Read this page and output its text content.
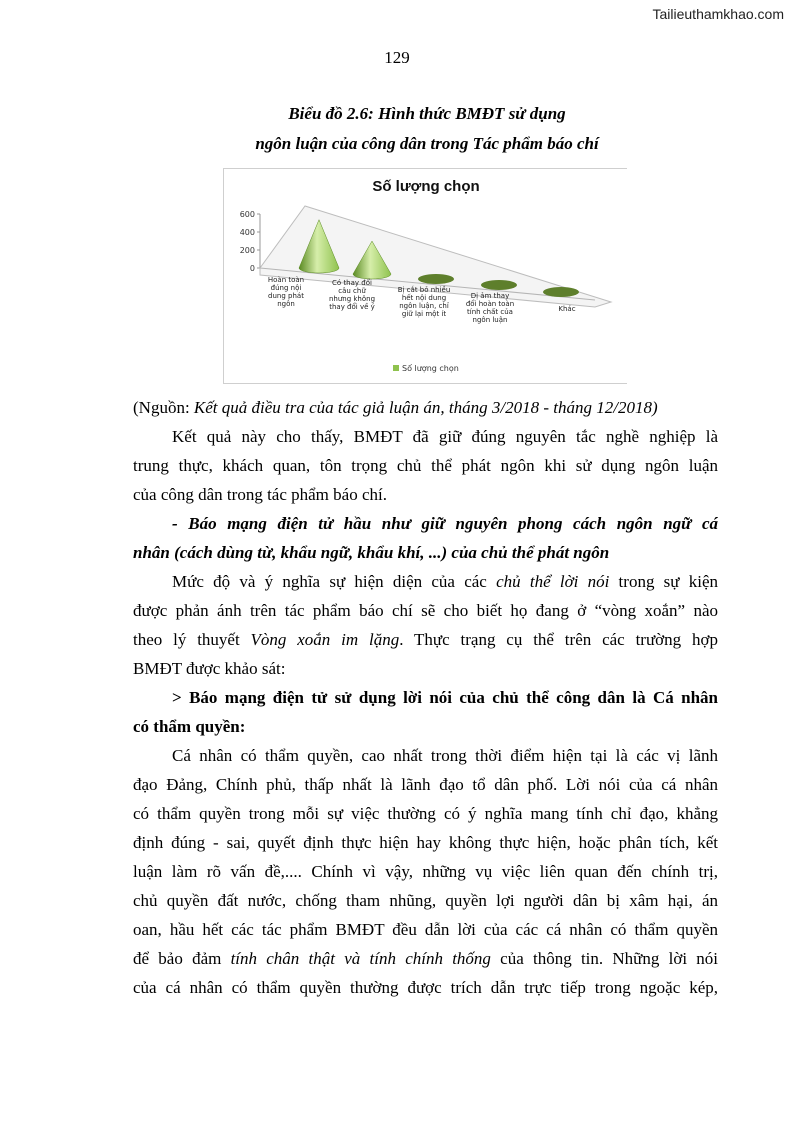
Tailieuthamkhao.com
129
Biểu đồ 2.6: Hình thức BMĐT sử dụng
ngôn luận của công dân trong Tác phẩm báo chí
Số lượng chọn
0
200
400
600
Hoàn toàn đúng nội dung phát ngôn
Có thay đổi câu chữ nhưng không thay đổi về ý
Bị cắt bỏ nhiều hết nội dung ngôn luận, chỉ giữ lại một ít
Dị ảm thay đổi hoàn toàn tính chất của ngôn luận
Khác
Số lượng chọn
(Nguồn: Kết quả điều tra của tác giả luận án, tháng 3/2018 - tháng 12/2018)
Kết quả này cho thấy, BMĐT đã giữ đúng nguyên tắc nghề nghiệp là
trung thực, khách quan, tôn trọng chủ thể phát ngôn khi sử dụng ngôn luận
của công dân trong tác phẩm báo chí.
- Báo mạng điện tử hầu như giữ nguyên phong cách ngôn ngữ cá
nhân (cách dùng từ, khẩu ngữ, khẩu khí, ...) của chủ thể phát ngôn
Mức độ và ý nghĩa sự hiện diện của các chủ thể lời nói trong sự kiện
được phản ánh trên tác phẩm báo chí sẽ cho biết họ đang ở “vòng xoắn” nào
theo lý thuyết Vòng xoắn im lặng. Thực trạng cụ thể trên các trường hợp
BMĐT được khảo sát:
> Báo mạng điện tử sử dụng lời nói của chủ thể công dân là Cá nhân
có thẩm quyền:
Cá nhân có thẩm quyền, cao nhất trong thời điểm hiện tại là các vị lãnh
đạo Đảng, Chính phủ, thấp nhất là lãnh đạo tổ dân phố. Lời nói của cá nhân
có thẩm quyền trong mỗi sự việc thường có ý nghĩa mang tính chỉ đạo, khẳng
định đúng - sai, quyết định thực hiện hay không thực hiện, hoặc phân tích, kết
luận làm rõ vấn đề,.... Chính vì vậy, những vụ việc liên quan đến chính trị,
chủ quyền đất nước, chống tham nhũng, quyền lợi người dân bị xâm hại, án
oan, hầu hết các tác phẩm BMĐT đều dẫn lời của các cá nhân có thẩm quyền
để bảo đảm tính chân thật và tính chính thống của thông tin. Những lời nói
của cá nhân có thẩm quyền thường được trích dẫn trực tiếp trong ngoặc kép,
